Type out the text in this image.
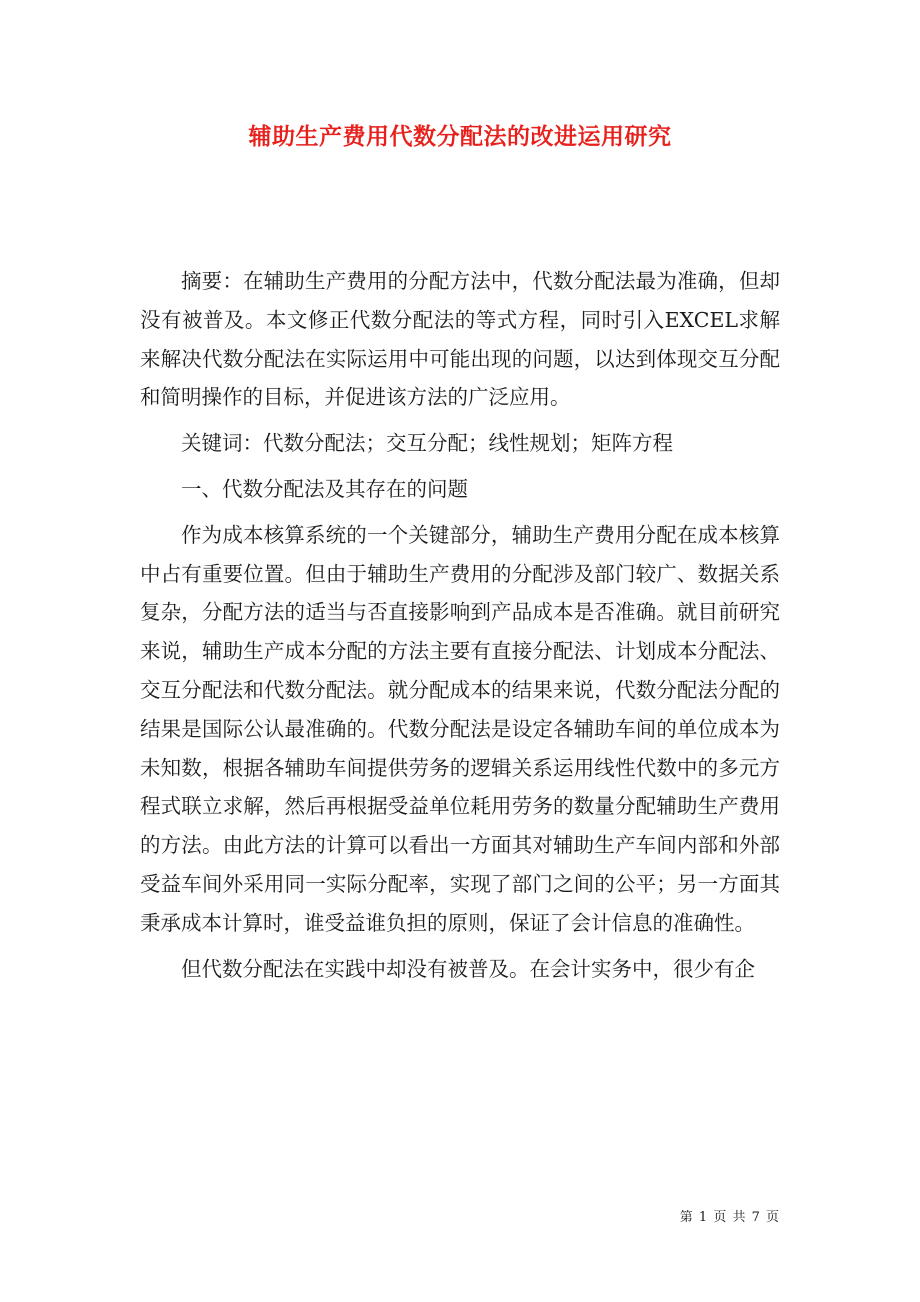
辅助生产费用代数分配法的改进运用研究

摘要：在辅助生产费用的分配方法中，代数分配法最为准确，但却没有被普及。本文修正代数分配法的等式方程，同时引入EXCEL求解来解决代数分配法在实际运用中可能出现的问题，以达到体现交互分配和简明操作的目标，并促进该方法的广泛应用。

关键词：代数分配法；交互分配；线性规划；矩阵方程

一、代数分配法及其存在的问题

作为成本核算系统的一个关键部分，辅助生产费用分配在成本核算中占有重要位置。但由于辅助生产费用的分配涉及部门较广、数据关系复杂，分配方法的适当与否直接影响到产品成本是否准确。就目前研究来说，辅助生产成本分配的方法主要有直接分配法、计划成本分配法、交互分配法和代数分配法。就分配成本的结果来说，代数分配法分配的结果是国际公认最准确的。代数分配法是设定各辅助车间的单位成本为未知数，根据各辅助车间提供劳务的逻辑关系运用线性代数中的多元方程式联立求解，然后再根据受益单位耗用劳务的数量分配辅助生产费用的方法。由此方法的计算可以看出一方面其对辅助生产车间内部和外部受益车间外采用同一实际分配率，实现了部门之间的公平；另一方面其秉承成本计算时，谁受益谁负担的原则，保证了会计信息的准确性。

但代数分配法在实践中却没有被普及。在会计实务中，很少有企

第 1 页 共 7 页
